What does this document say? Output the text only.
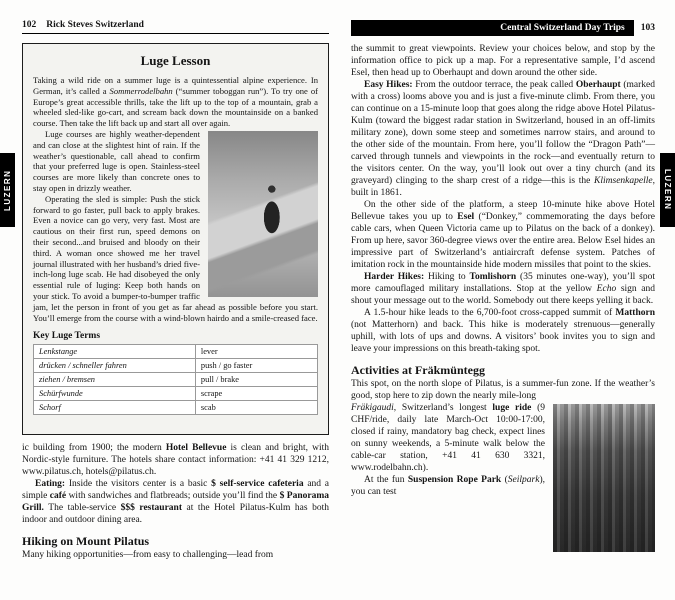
102 Rick Steves Switzerland
Luge Lesson

Taking a wild ride on a summer luge is a quintessential alpine experience. In German, it’s called a Sommerrodelbahn (“summer toboggan run”). To try one of Europe’s great accessible thrills, take the lift up to the top of a mountain, grab a wheeled sled-like go-cart, and scream back down the mountainside on a banked course. Then take the lift back up and start all over again.

Luge courses are highly weather-dependent and can close at the slightest hint of rain. If the weather’s questionable, call ahead to confirm that your preferred luge is open. Stainless-steel courses are more likely than concrete ones to stay open in drizzly weather.

Operating the sled is simple: Push the stick forward to go faster, pull back to apply brakes. Even a novice can go very, very fast. Most are cautious on their first run, speed demons on their second...and bruised and bloody on their third. A woman once showed me her travel journal illustrated with her husband’s dried five-inch-long luge scab. He had disobeyed the only essential rule of luging: Keep both hands on your stick. To avoid a bumper-to-bumper traffic jam, let the person in front of you get as far ahead as possible before you start. You’ll emerge from the course with a wind-blown hairdo and a smile-creased face.

Key Luge Terms
Lenkstange	lever
drücken / schneller fahren	push / go faster
ziehen / bremsen	pull / brake
Schürfwunde	scrape
Schorf	scab

ic building from 1900; the modern Hotel Bellevue is clean and bright, with Nordic-style furniture. The hotels share contact information: +41 41 329 1212, www.pilatus.ch, hotels@pilatus.ch.

Eating: Inside the visitors center is a basic $ self-service cafeteria and a simple café with sandwiches and flatbreads; outside you’ll find the $ Panorama Grill. The table-service $$$ restaurant at the Hotel Pilatus-Kulm has both indoor and outdoor dining area.

Hiking on Mount Pilatus

Many hiking opportunities—from easy to challenging—lead from

Central Switzerland Day Trips	103

the summit to great viewpoints. Review your choices below, and stop by the information office to pick up a map. For a representative sample, I’d ascend Esel, then head up to Oberhaupt and down around the other side.

Easy Hikes: From the outdoor terrace, the peak called Oberhaupt (marked with a cross) looms above you and is just a five-minute climb. From there, you can continue on a 15-minute loop that goes along the ridge above Hotel Pilatus-Kulm (toward the biggest radar station in Switzerland, housed in an off-limits military zone), down some steep and sometimes narrow stairs, and around to the other side of the mountain. From here, you’ll follow the “Dragon Path”—carved through tunnels and viewpoints in the rock—and eventually return to the visitors center. On the way, you’ll look out over a tiny church (and its graveyard) clinging to the sharp crest of a ridge—this is the Klimsenkapelle, built in 1861.

On the other side of the platform, a steep 10-minute hike above Hotel Bellevue takes you up to Esel (“Donkey,” commemorating the days before cable cars, when Queen Victoria came up to Pilatus on the back of a donkey). From up here, savor 360-degree views over the entire area. Below Esel hides an impressive part of Switzerland’s antiaircraft defense system. Patches of imitation rock in the mountainside hide modern missiles that point to the skies.

Harder Hikes: Hiking to Tomlishorn (35 minutes one-way), you’ll spot more camouflaged military installations. Stop at the yellow Echo sign and shout your message out to the world. Somebody out there keeps yelling it back.

A 1.5-hour hike leads to the 6,700-foot cross-capped summit of Matthorn (not Matterhorn) and back. This hike is moderately strenuous—generally uphill, with lots of ups and downs. A visitors’ book invites you to sign and leave your impressions on this breath-taking spot.

Activities at Fräkmüntegg

This spot, on the north slope of Pilatus, is a summer-fun zone. If the weather’s good, stop here to zip down the nearly mile-long

Fräkigaudi, Switzerland’s longest luge ride (9 CHF/ride, daily late March-Oct 10:00-17:00, closed if rainy, mandatory bag check, expect lines on sunny weekends, a 5-minute walk below the cable-car station, +41 41 630 3321, www.rodelbahn.ch).

At the fun Suspension Rope Park (Seilpark), you can test

LUZERN	LUZERN
